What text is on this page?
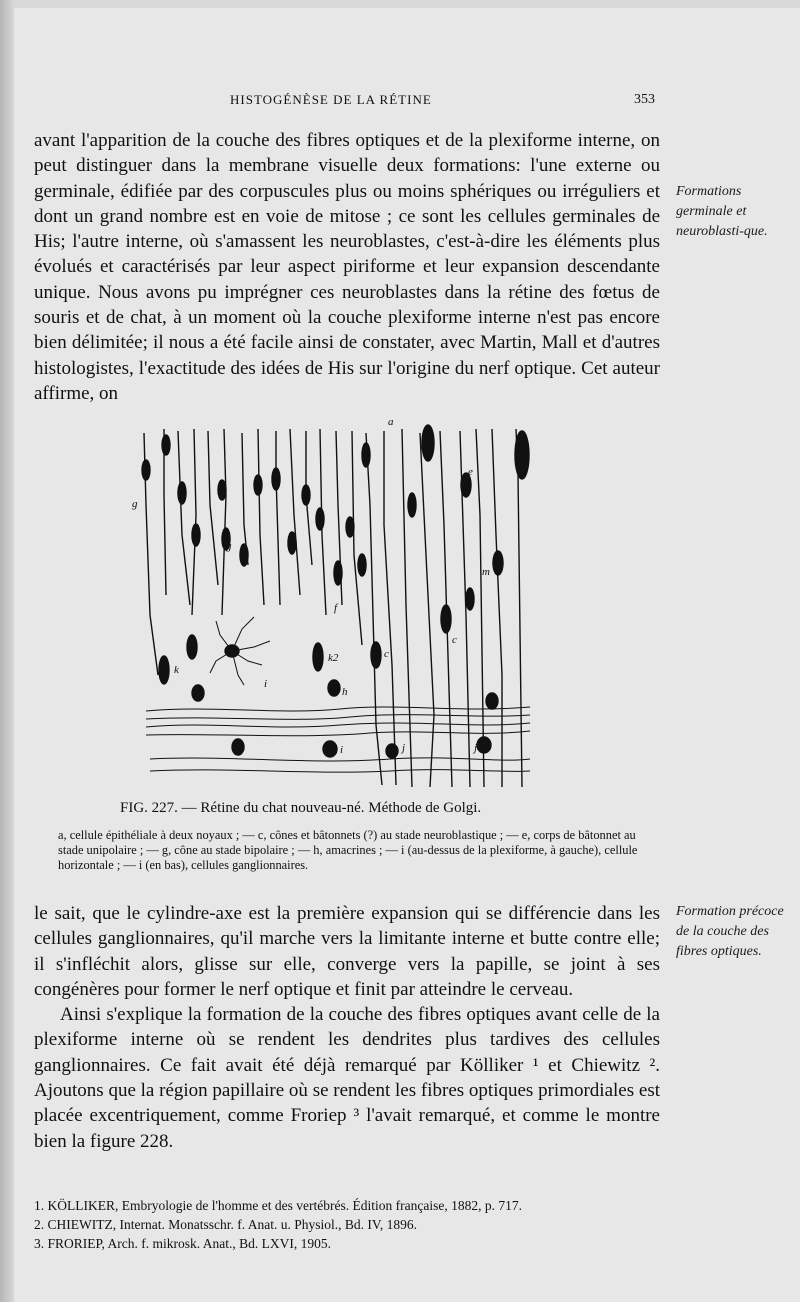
HISTOGÉNÈSE DE LA RÉTINE	353

avant l'apparition de la couche des fibres optiques et de la plexiforme interne, on peut distinguer dans la membrane visuelle deux formations: l'une externe ou germinale, édifiée par des corpuscules plus ou moins sphériques ou irréguliers et dont un grand nombre est en voie de mitose ; ce sont les cellules germinales de His; l'autre interne, où s'amassent les neuroblastes, c'est-à-dire les éléments plus évolués et caractérisés par leur aspect piriforme et leur expansion descendante unique. Nous avons pu imprégner ces neuroblastes dans la rétine des fœtus de souris et de chat, à un moment où la couche plexiforme interne n'est pas encore bien délimitée; il nous a été facile ainsi de constater, avec Martin, Mall et d'autres histologistes, l'exactitude des idées de His sur l'origine du nerf optique. Cet auteur affirme, on

Formations germinale et neuroblasti-que.
g
g
f
k
k2
i
h
c
c
e
m
i	j	j
a
FIG. 227. — Rétine du chat nouveau-né. Méthode de Golgi.
a, cellule épithéliale à deux noyaux ; — c, cônes et bâtonnets (?) au stade neuroblastique ; — e, corps de bâtonnet au stade unipolaire ; — g, cône au stade bipolaire ; — h, amacrines ; — i (au-dessus de la plexiforme, à gauche), cellule horizontale ; — i (en bas), cellules ganglionnaires.

le sait, que le cylindre-axe est la première expansion qui se différencie dans les cellules ganglionnaires, qu'il marche vers la limitante interne et butte contre elle; il s'infléchit alors, glisse sur elle, converge vers la papille, se joint à ses congénères pour former le nerf optique et finit par atteindre le cerveau.

Ainsi s'explique la formation de la couche des fibres optiques avant celle de la plexiforme interne où se rendent les dendrites plus tardives des cellules ganglionnaires. Ce fait avait été déjà remarqué par Kölliker ¹ et Chiewitz ². Ajoutons que la région papillaire où se rendent les fibres optiques primordiales est placée excentriquement, comme Froriep ³ l'avait remarqué, et comme le montre bien la figure 228.

Formation précoce de la couche des fibres optiques.

1. KÖLLIKER, Embryologie de l'homme et des vertébrés. Édition française, 1882, p. 717.

2. CHIEWITZ, Internat. Monatsschr. f. Anat. u. Physiol., Bd. IV, 1896.

3. FRORIEP, Arch. f. mikrosk. Anat., Bd. LXVI, 1905.
